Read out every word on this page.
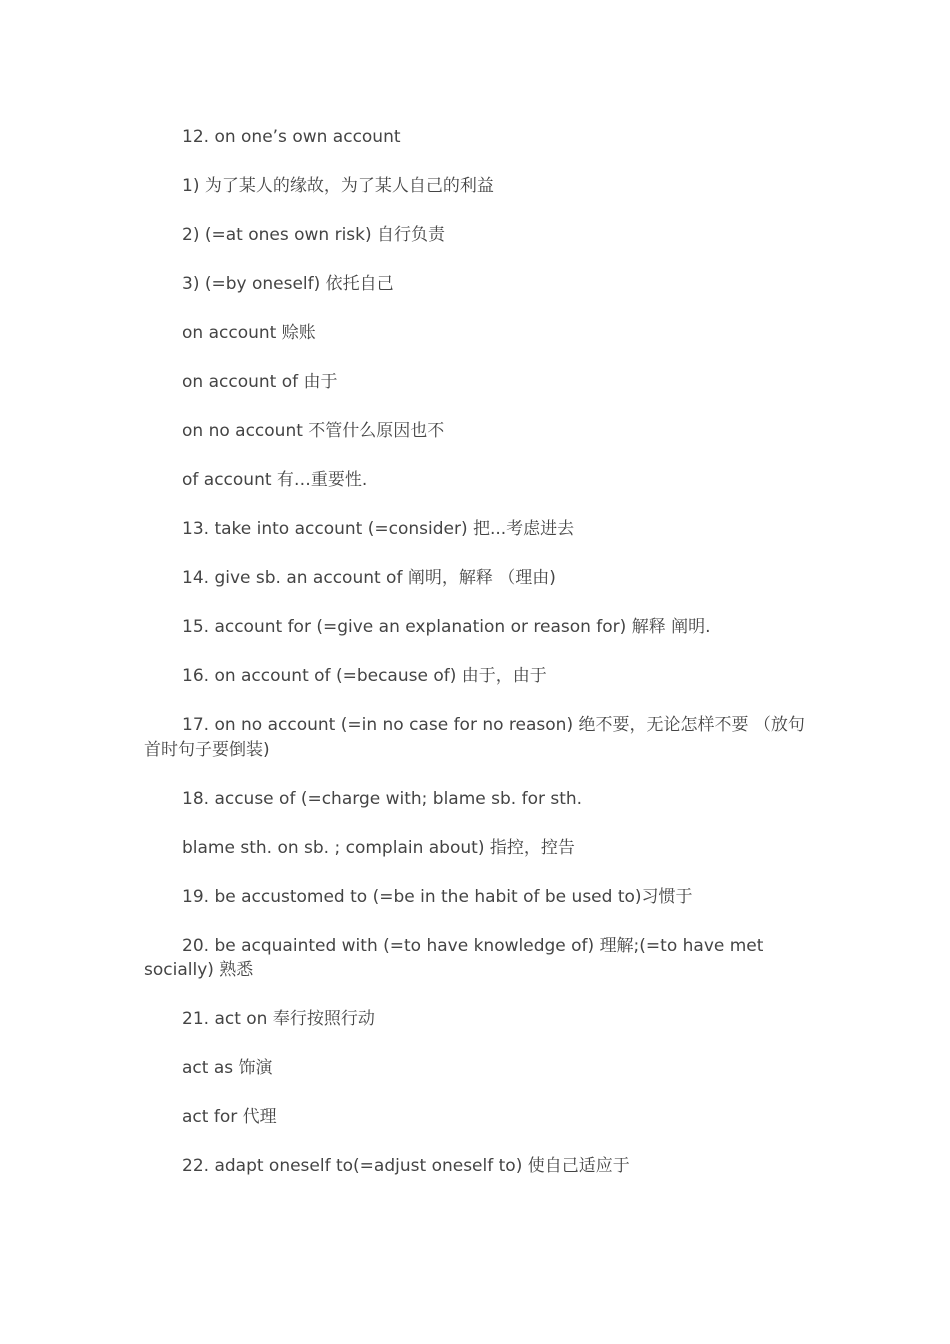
12. on one’s own account

1) 为了某人的缘故，为了某人自己的利益

2) (=at ones own risk) 自行负责

3) (=by oneself) 依托自己

on account 赊账

on account of 由于

on no account 不管什么原因也不

of account 有…重要性.

13. take into account (=consider) 把...考虑进去

14. give sb. an account of 阐明，解释 （理由)

15. account for (=give an explanation or reason for) 解释 阐明.

16. on account of (=because of) 由于，由于

17. on no account (=in no case for no reason) 绝不要，无论怎样不要 （放句首时句子要倒装)

18. accuse of (=charge with; blame sb. for sth.

blame sth. on sb. ; complain about) 指控，控告

19. be accustomed to (=be in the habit of be used to)习惯于

20. be acquainted with (=to have knowledge of) 理解;(=to have met socially) 熟悉

21. act on 奉行按照行动

act as 饰演

act for 代理

22. adapt oneself to(=adjust oneself to) 使自己适应于
